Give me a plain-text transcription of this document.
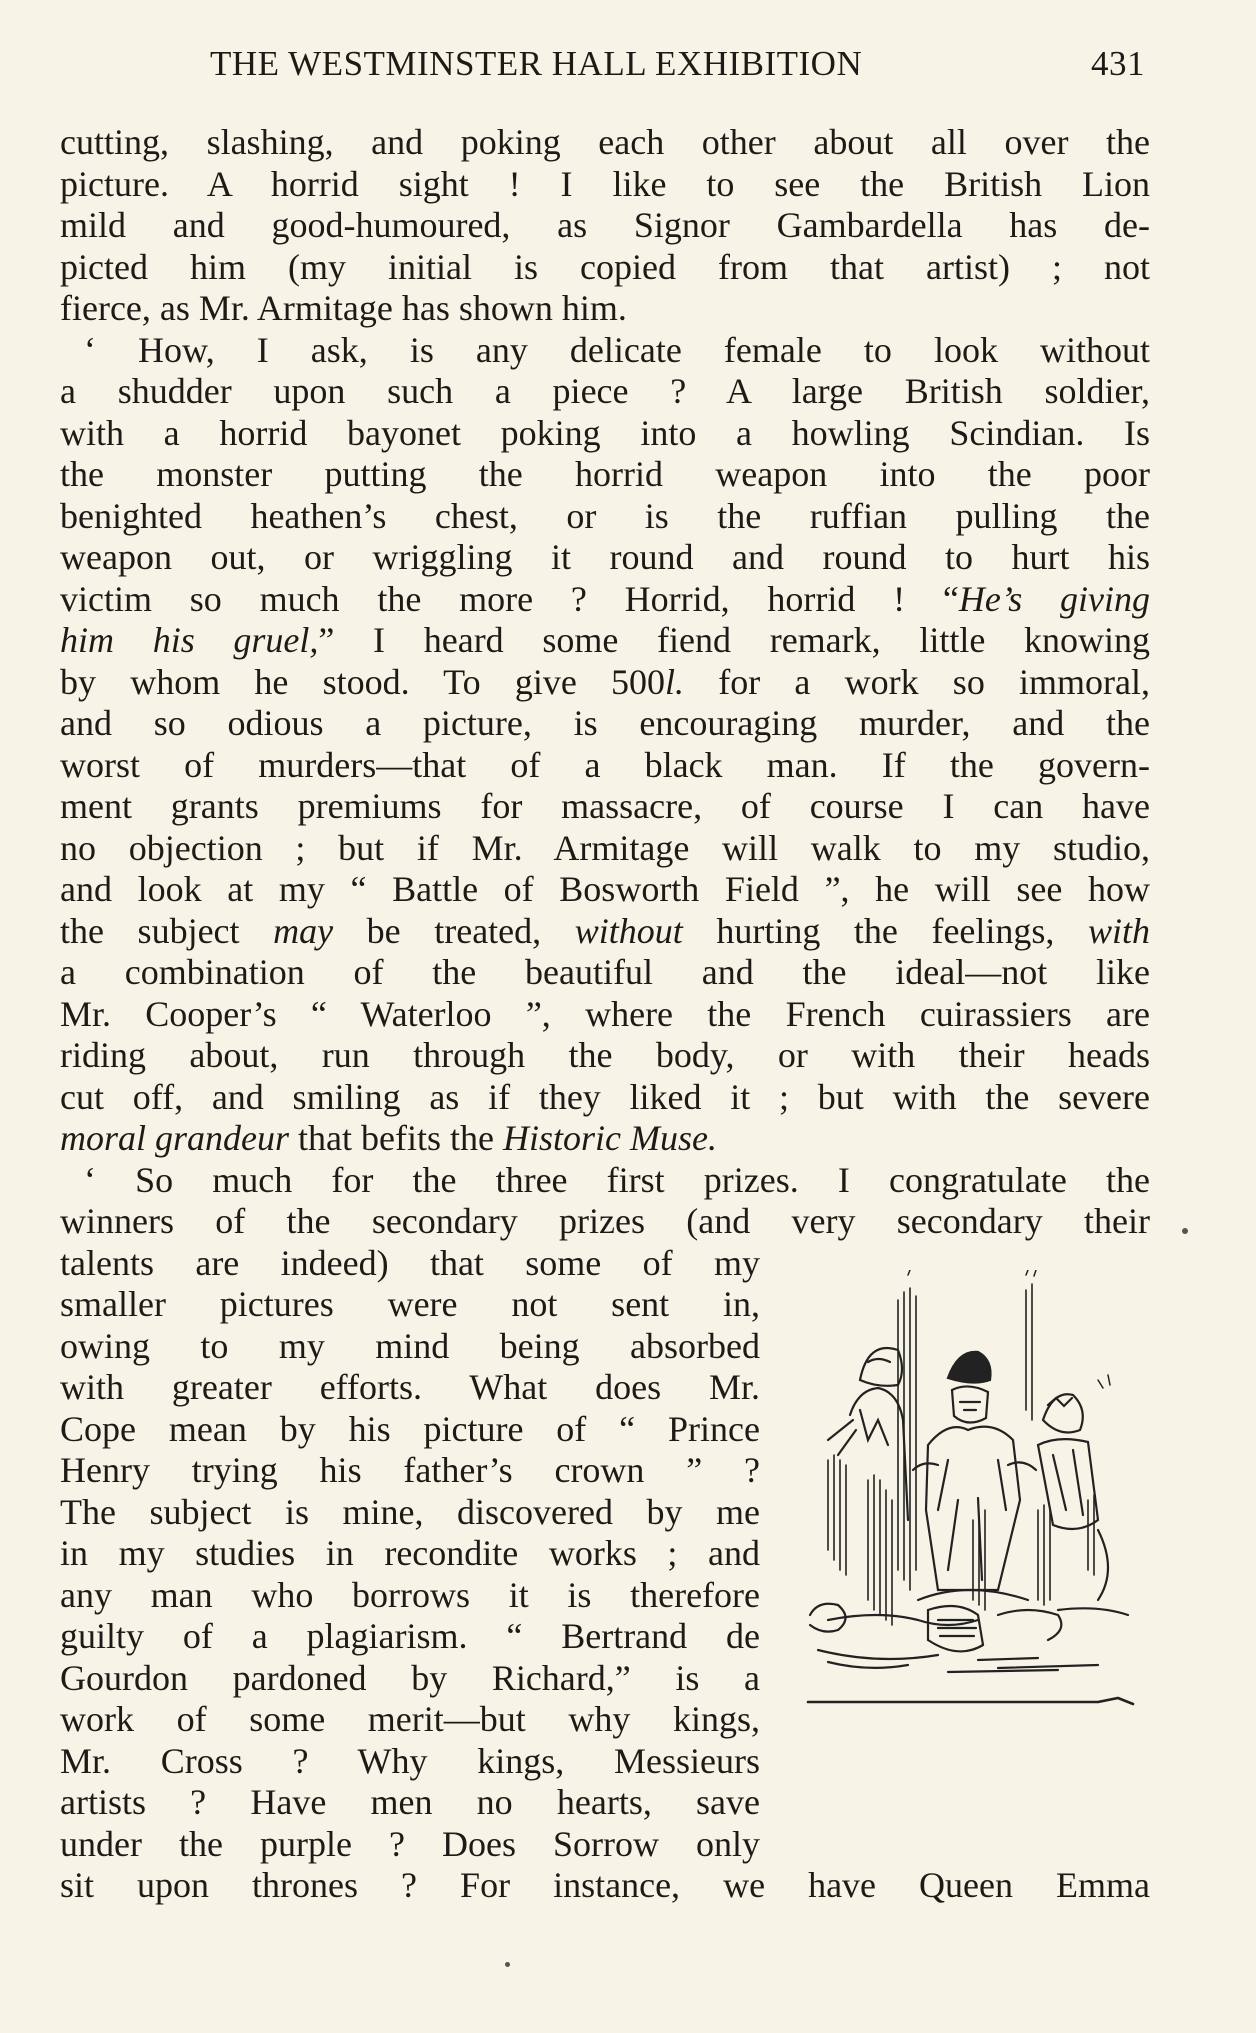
THE WESTMINSTER HALL EXHIBITION	431
cutting, slashing, and poking each other about all over the
picture. A horrid sight ! I like to see the British Lion
mild and good-humoured, as Signor Gambardella has de-
picted him (my initial is copied from that artist) ; not
fierce, as Mr. Armitage has shown him.
‘ How, I ask, is any delicate female to look without
a shudder upon such a piece ? A large British soldier,
with a horrid bayonet poking into a howling Scindian. Is
the monster putting the horrid weapon into the poor
benighted heathen’s chest, or is the ruffian pulling the
weapon out, or wriggling it round and round to hurt his
victim so much the more ? Horrid, horrid ! “He’s giving
him his gruel,” I heard some fiend remark, little knowing
by whom he stood. To give 500l. for a work so immoral,
and so odious a picture, is encouraging murder, and the
worst of murders—that of a black man. If the govern-
ment grants premiums for massacre, of course I can have
no objection ; but if Mr. Armitage will walk to my studio,
and look at my “ Battle of Bosworth Field ”, he will see how
the subject may be treated, without hurting the feelings, with
a combination of the beautiful and the ideal—not like
Mr. Cooper’s “ Waterloo ”, where the French cuirassiers are
riding about, run through the body, or with their heads
cut off, and smiling as if they liked it ; but with the severe
moral grandeur that befits the Historic Muse.
‘ So much for the three first prizes. I congratulate the
winners of the secondary prizes (and very secondary their
talents are indeed) that some of my
smaller pictures were not sent in,
owing to my mind being absorbed
with greater efforts. What does Mr.
Cope mean by his picture of “ Prince
Henry trying his father’s crown ” ?
The subject is mine, discovered by me
in my studies in recondite works ; and
any man who borrows it is therefore
guilty of a plagiarism. “ Bertrand de
Gourdon pardoned by Richard,” is a
work of some merit—but why kings,
Mr. Cross ? Why kings, Messieurs
artists ? Have men no hearts, save
under the purple ? Does Sorrow only
sit upon thrones ? For instance, we have Queen Emma
